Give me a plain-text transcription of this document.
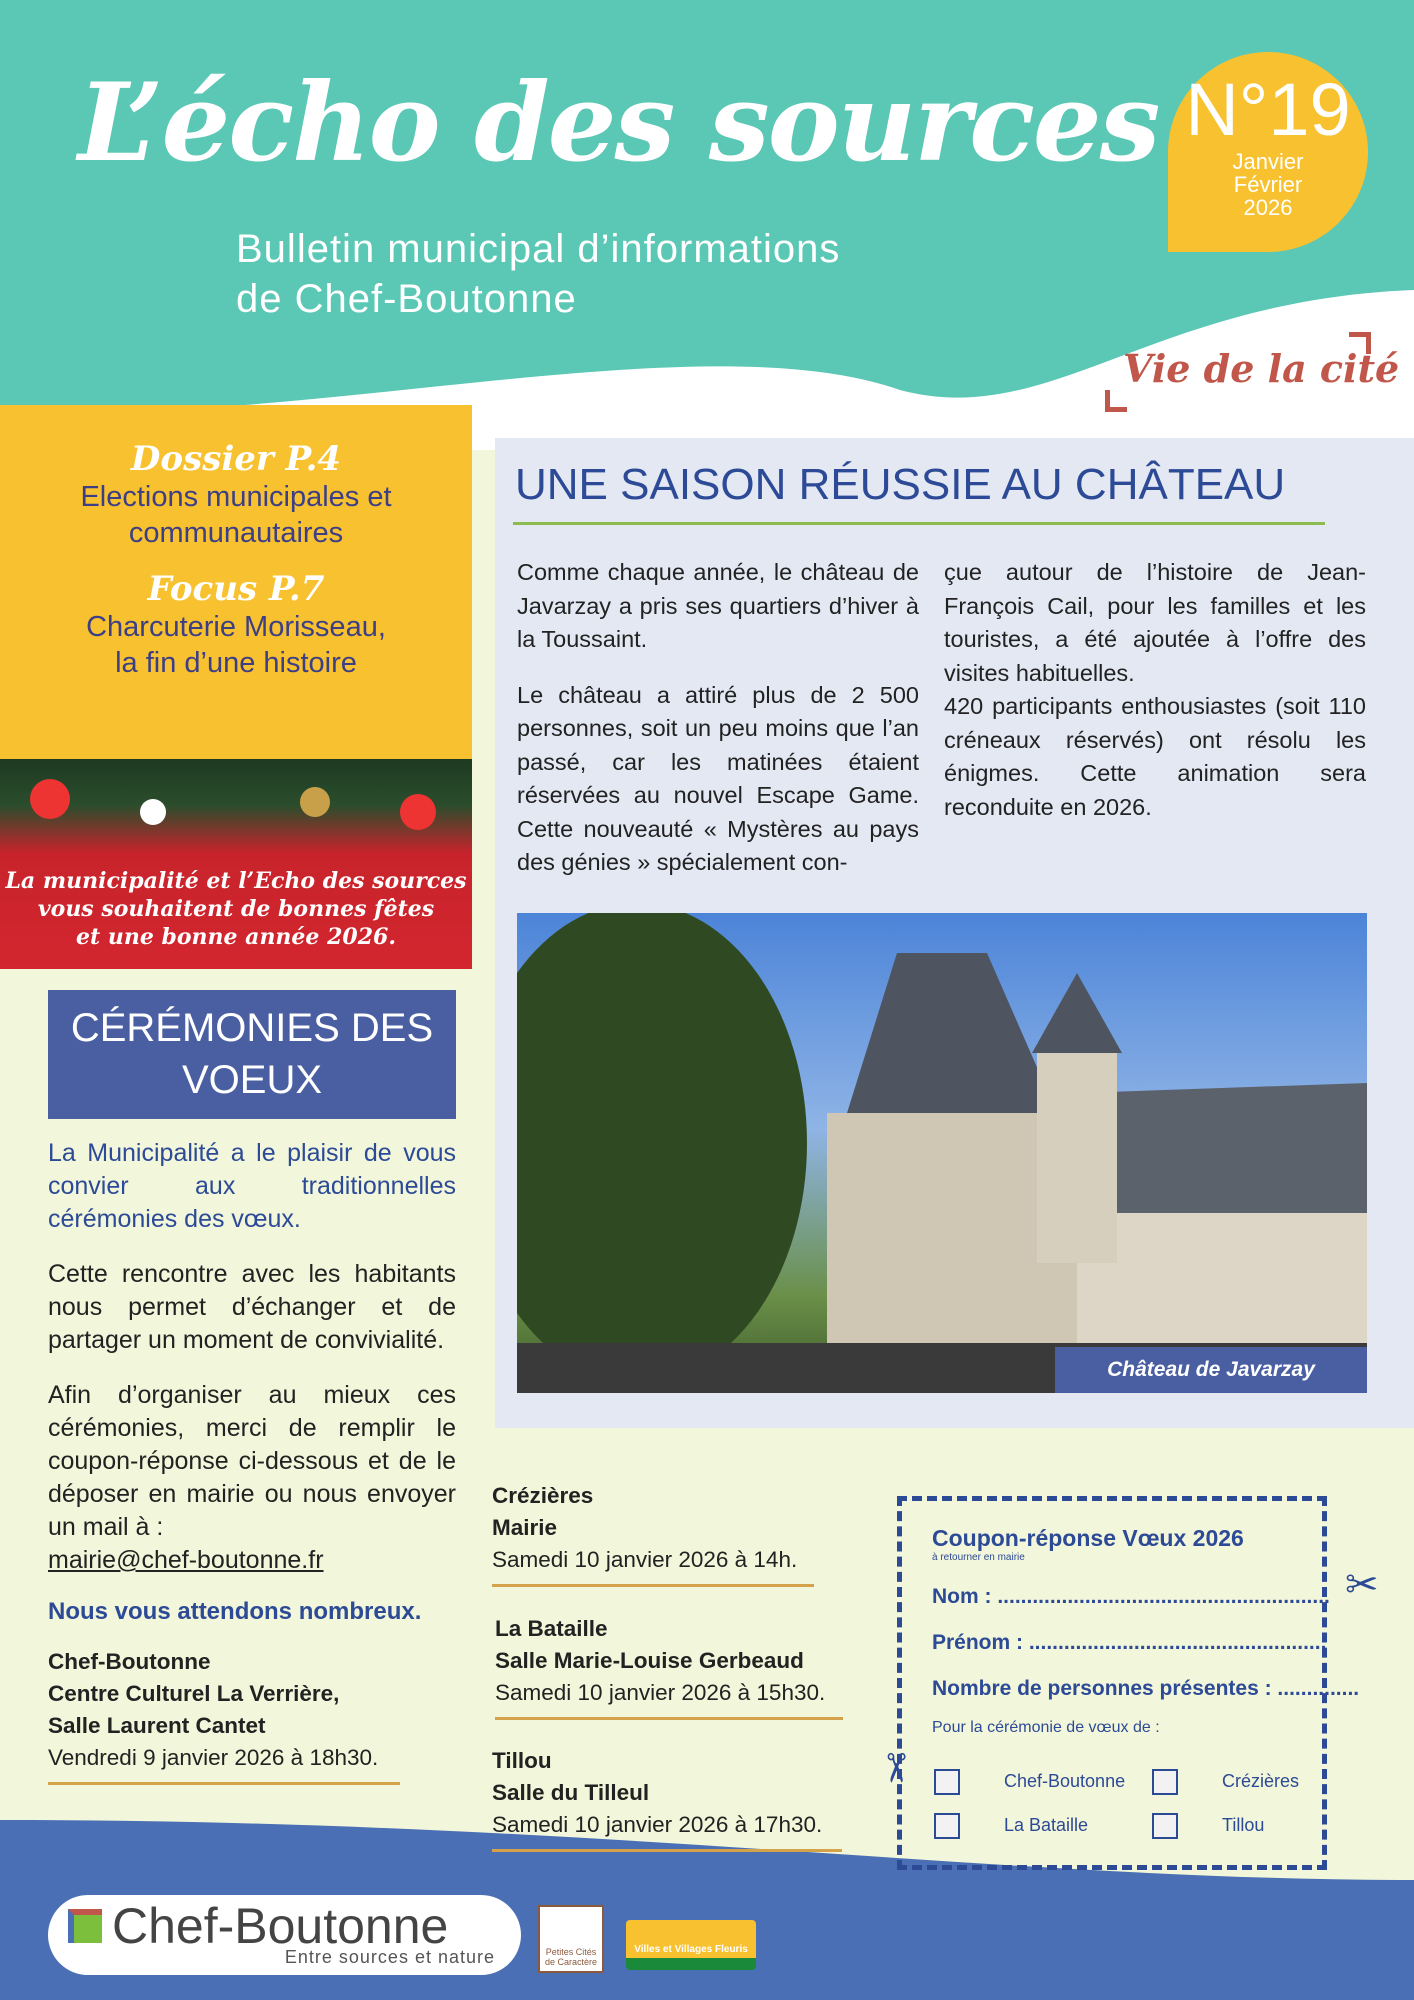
L’écho des sources
Bulletin municipal d’informations
de Chef-Boutonne
N°19
Janvier
Février
2026
Vie de la cité
Dossier P.4
Elections municipales et
communautaires
Focus P.7
Charcuterie Morisseau,
la fin d’une histoire
La municipalité et l’Echo des sources
vous souhaitent de bonnes fêtes
et une bonne année 2026.
CÉRÉMONIES DES VOEUX

La Municipalité a le plaisir de vous convier aux traditionnelles cérémonies des vœux.

Cette rencontre avec les habitants nous permet d’échanger et de partager un moment de convivialité.

Afin d’organiser au mieux ces cérémonies, merci de remplir le coupon-réponse ci-dessous et de le déposer en mairie ou nous envoyer un mail à :

mairie@chef-boutonne.fr

Nous vous attendons nombreux.

Chef-Boutonne
Centre Culturel La Verrière,
Salle Laurent Cantet
Vendredi 9 janvier 2026 à 18h30.
UNE SAISON RÉUSSIE AU CHÂTEAU

Comme chaque année, le château de Javarzay a pris ses quartiers d’hiver à la Toussaint.

Le château a attiré plus de 2 500 personnes, soit un peu moins que l’an passé, car les matinées étaient réservées au nouvel Escape Game. Cette nouveauté « Mystères au pays des génies » spécialement con-

çue autour de l’histoire de Jean-François Cail, pour les familles et les touristes, a été ajoutée à l’offre des visites habituelles.

420 participants enthousiastes (soit 110 créneaux réservés) ont résolu les énigmes. Cette animation sera reconduite en 2026.

Château de Javarzay
Crézières
Mairie
Samedi 10 janvier 2026 à 14h.
La Bataille
Salle Marie-Louise Gerbeaud
Samedi 10 janvier 2026 à 15h30.
Tillou
Salle du Tilleul
Samedi 10 janvier 2026 à 17h30.
Coupon-réponse Vœux 2026
à retourner en mairie
Nom : .........................................................
Prénom : ...................................................
Nombre de personnes présentes : ..............
Pour la cérémonie de vœux de :
Chef-Boutonne	Crézières
La Bataille	Tillou
✂
✂
Chef-Boutonne
Entre sources et nature	Petites Cités de Caractère
Villes et Villages Fleuris
